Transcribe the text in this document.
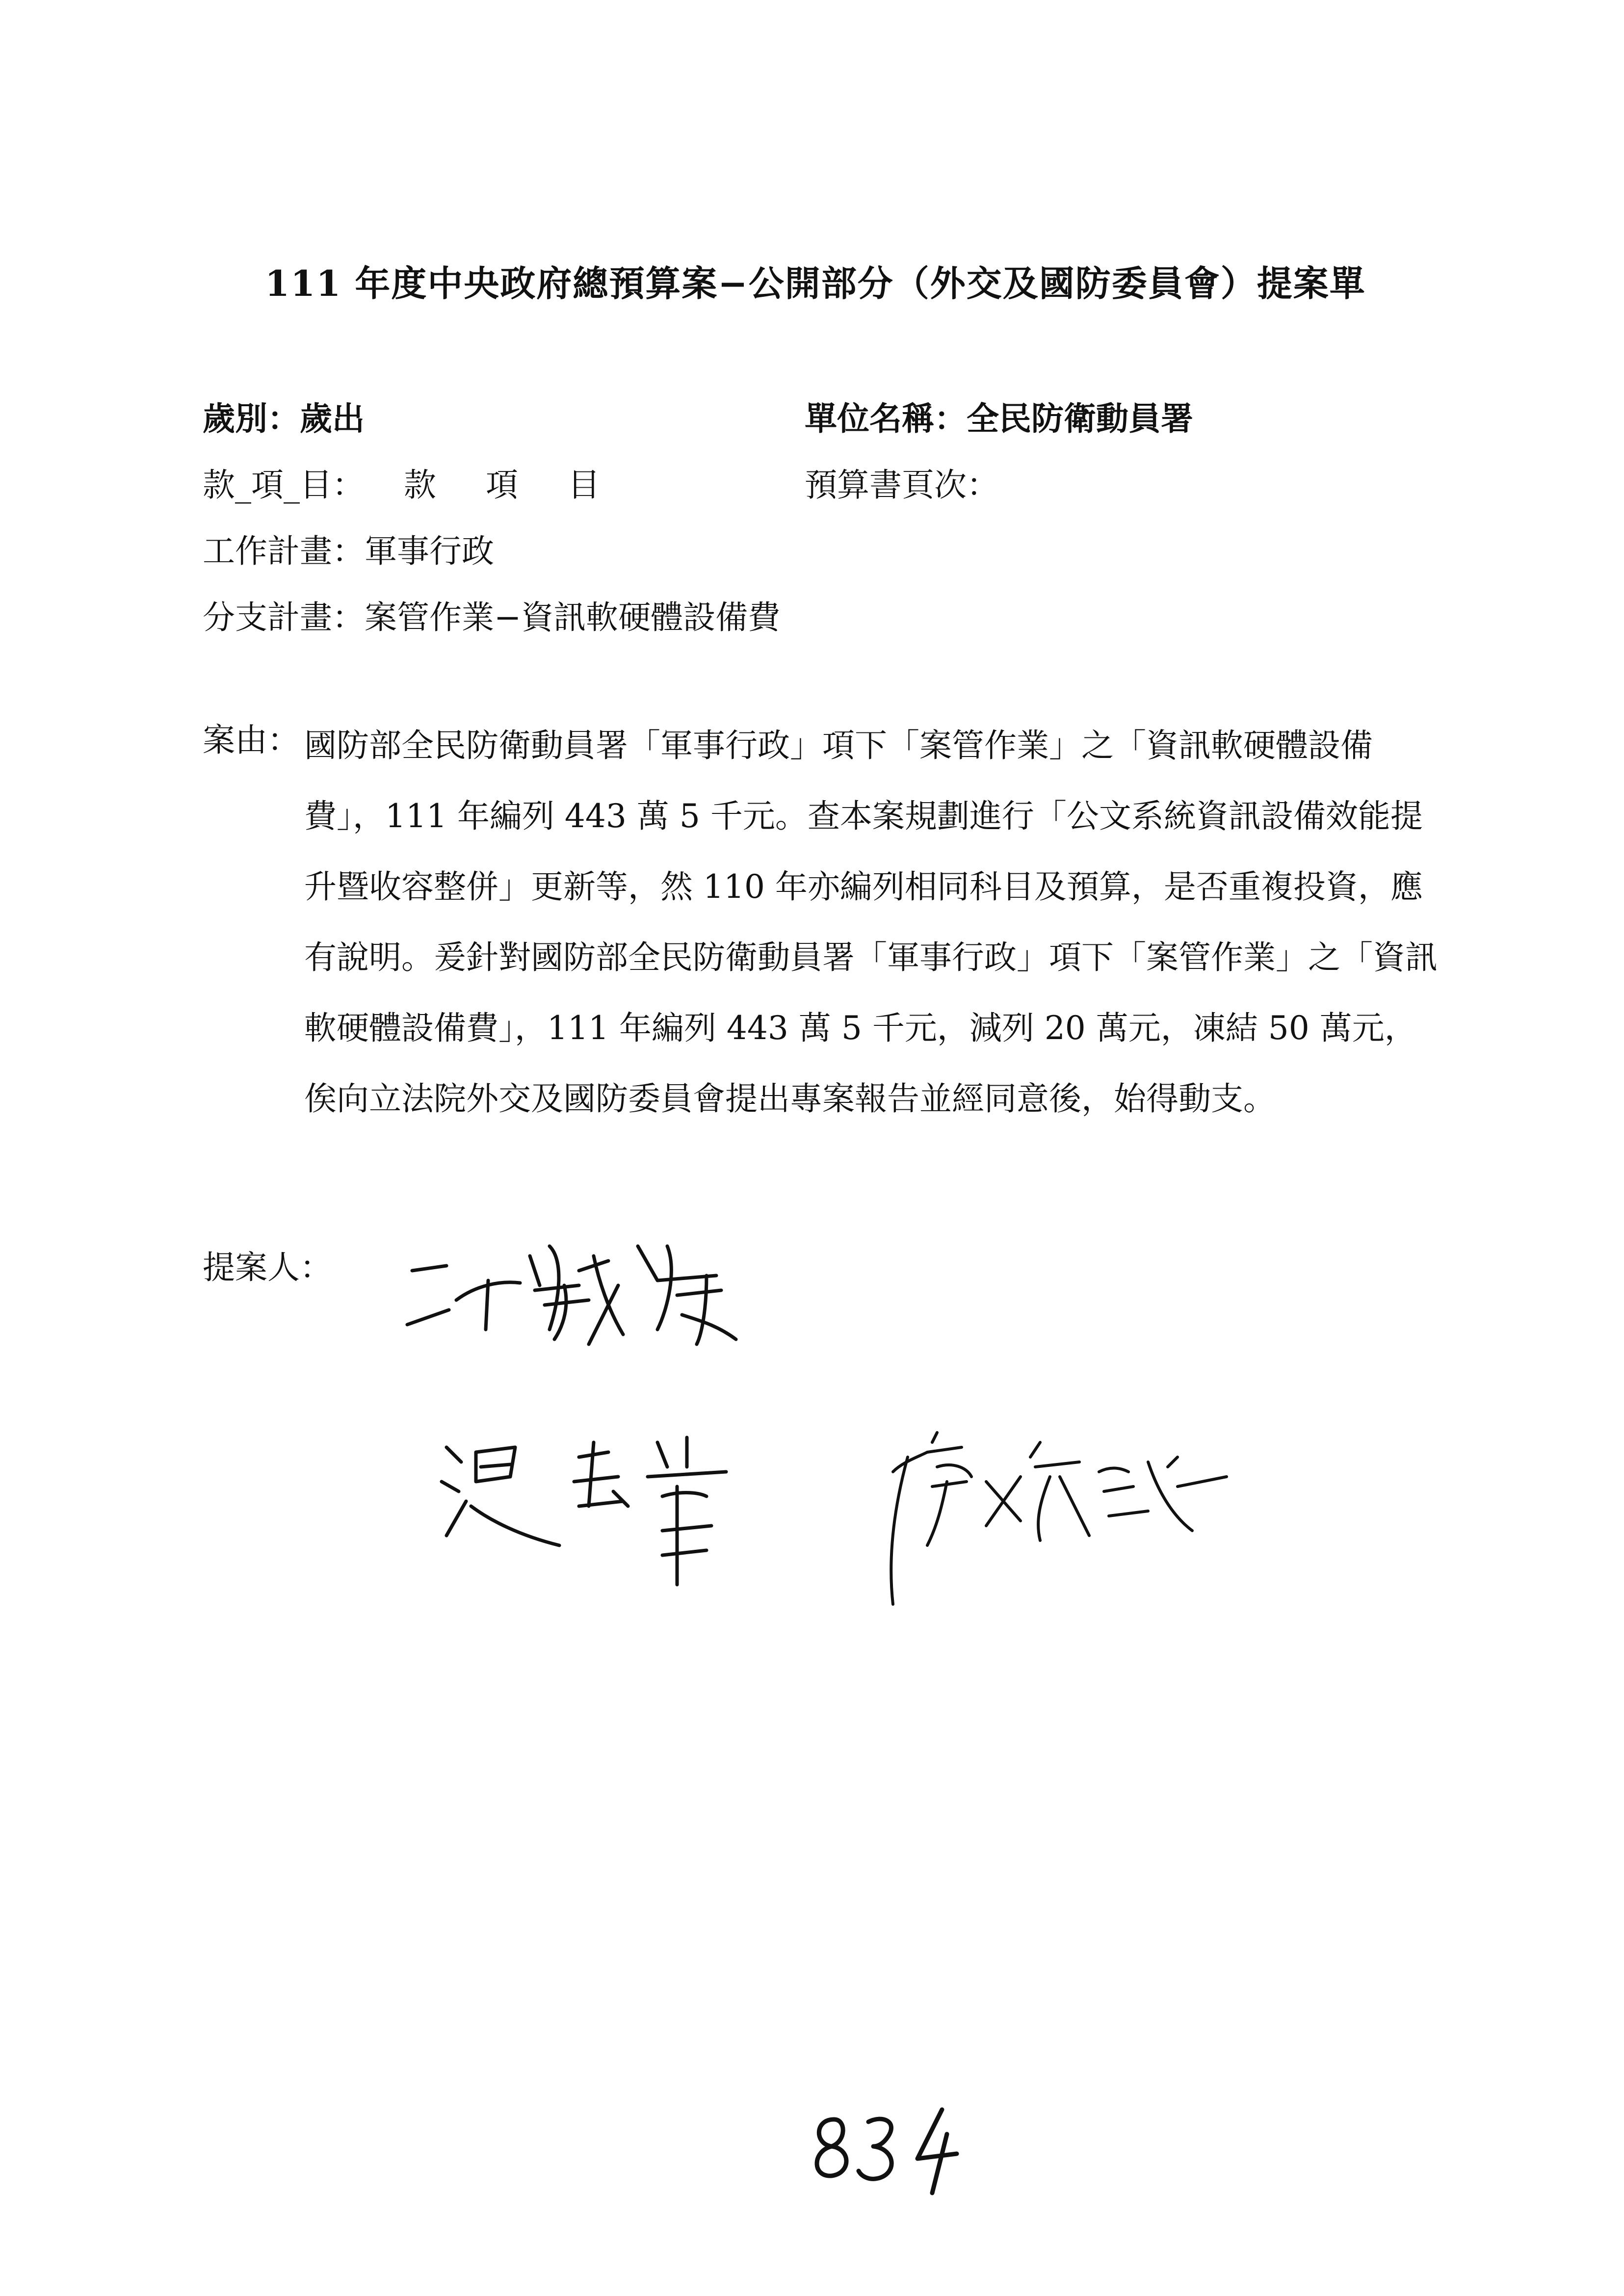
111 年度中央政府總預算案−公開部分（外交及國防委員會）提案單
歲別：歲出	單位名稱：全民防衛動員署
款_項_目： 款 項 目	預算書頁次：
工作計畫：軍事行政
分支計畫：案管作業−資訊軟硬體設備費
案由： 國防部全民防衛動員署「軍事行政」項下「案管作業」之「資訊軟硬體設備費」，111 年編列 443 萬 5 千元。查本案規劃進行「公文系統資訊設備效能提升暨收容整併」更新等，然 110 年亦編列相同科目及預算，是否重複投資，應有說明。爰針對國防部全民防衛動員署「軍事行政」項下「案管作業」之「資訊軟硬體設備費」，111 年編列 443 萬 5 千元，減列 20 萬元，凍結 50 萬元，俟向立法院外交及國防委員會提出專案報告並經同意後，始得動支。
提案人：
